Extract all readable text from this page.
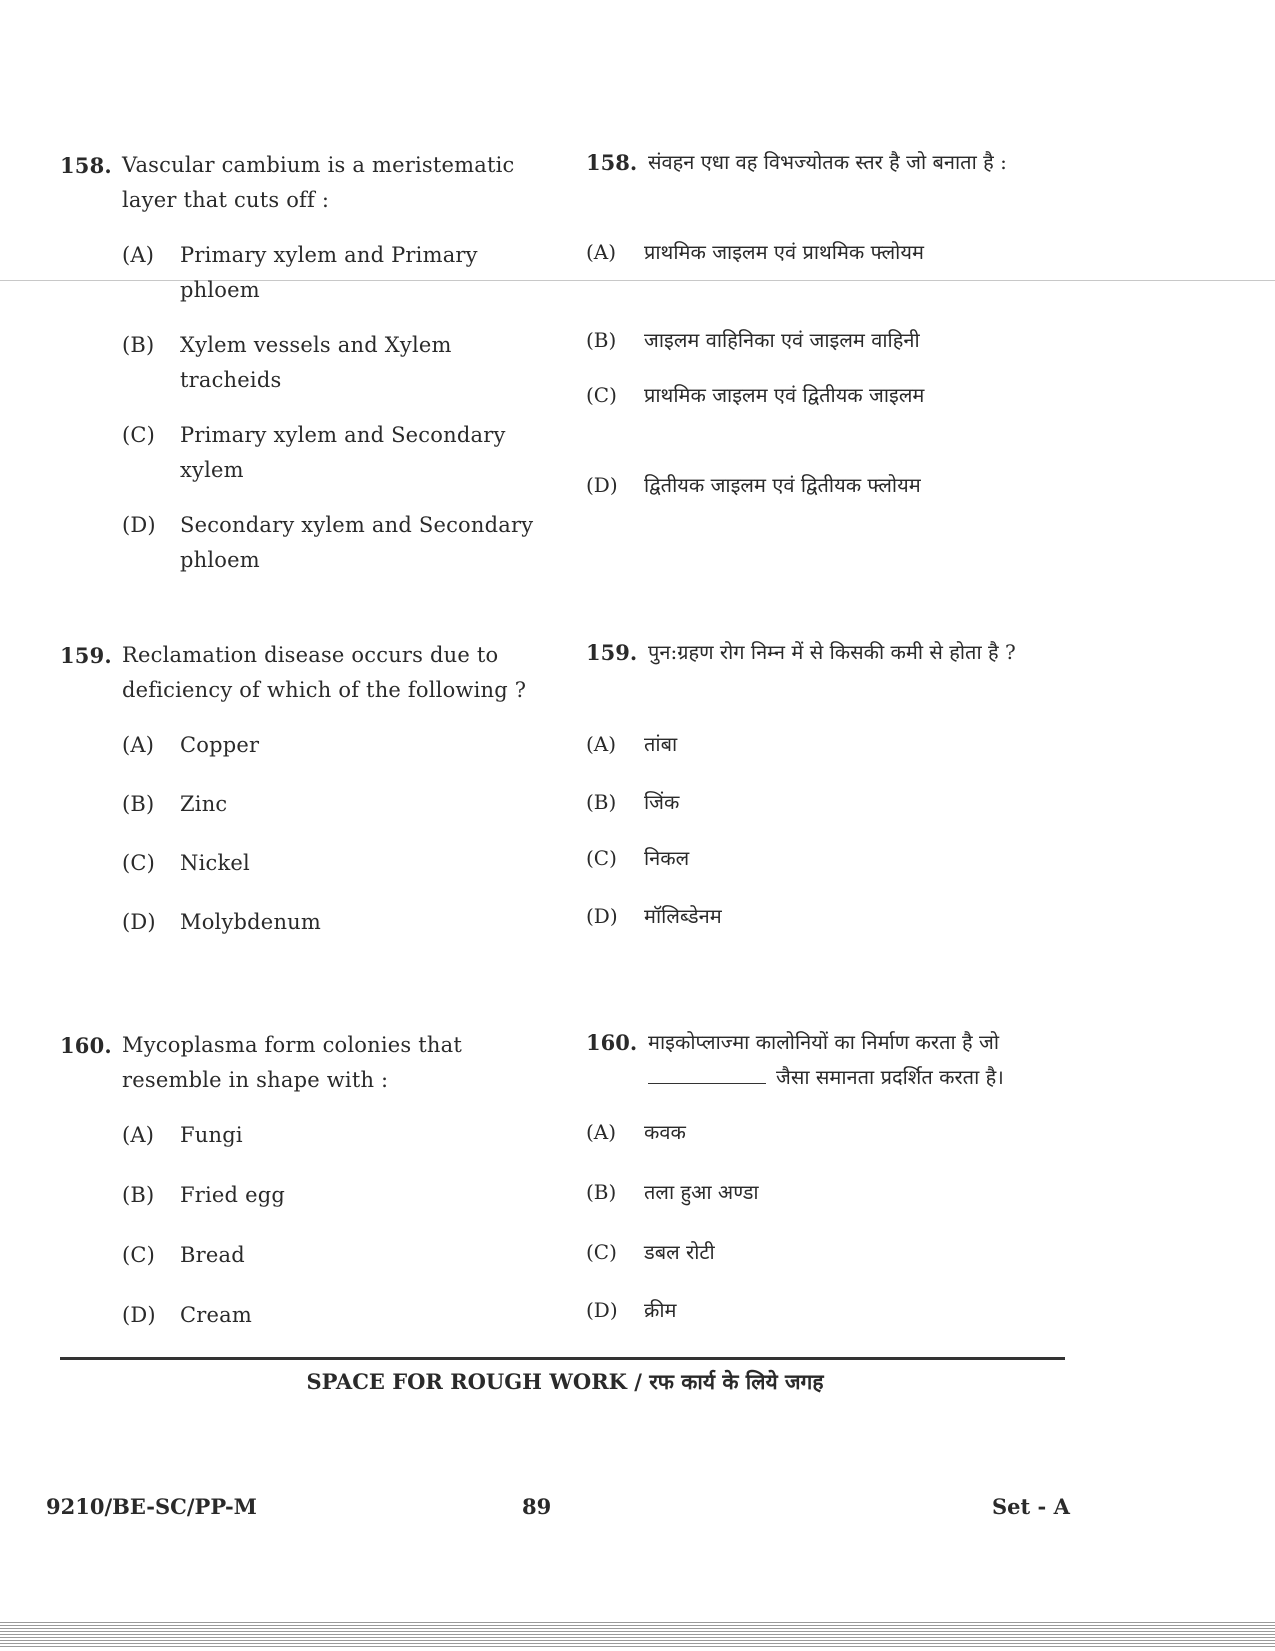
158. Vascular cambium is a meristematic layer that cuts off :
(A) Primary xylem and Primary phloem
(B) Xylem vessels and Xylem tracheids
(C) Primary xylem and Secondary xylem
(D) Secondary xylem and Secondary phloem
158. संवहन एधा वह विभज्योतक स्तर है जो बनाता है :
(A) प्राथमिक जाइलम एवं प्राथमिक फ्लोयम
(B) जाइलम वाहिनिका एवं जाइलम वाहिनी
(C) प्राथमिक जाइलम एवं द्वितीयक जाइलम
(D) द्वितीयक जाइलम एवं द्वितीयक फ्लोयम
159. Reclamation disease occurs due to deficiency of which of the following ?
(A) Copper
(B) Zinc
(C) Nickel
(D) Molybdenum
159. पुन:ग्रहण रोग निम्न में से किसकी कमी से होता है ?
(A) तांबा
(B) जिंक
(C) निकल
(D) मॉलिब्डेनम
160. Mycoplasma form colonies that resemble in shape with :
(A) Fungi
(B) Fried egg
(C) Bread
(D) Cream
160. माइकोप्लाज्मा कालोनियों का निर्माण करता है जो
जैसा समानता प्रदर्शित करता है।
(A) कवक
(B) तला हुआ अण्डा
(C) डबल रोटी
(D) क्रीम
SPACE FOR ROUGH WORK / रफ कार्य के लिये जगह
9210/BE-SC/PP-M	89	Set - A
